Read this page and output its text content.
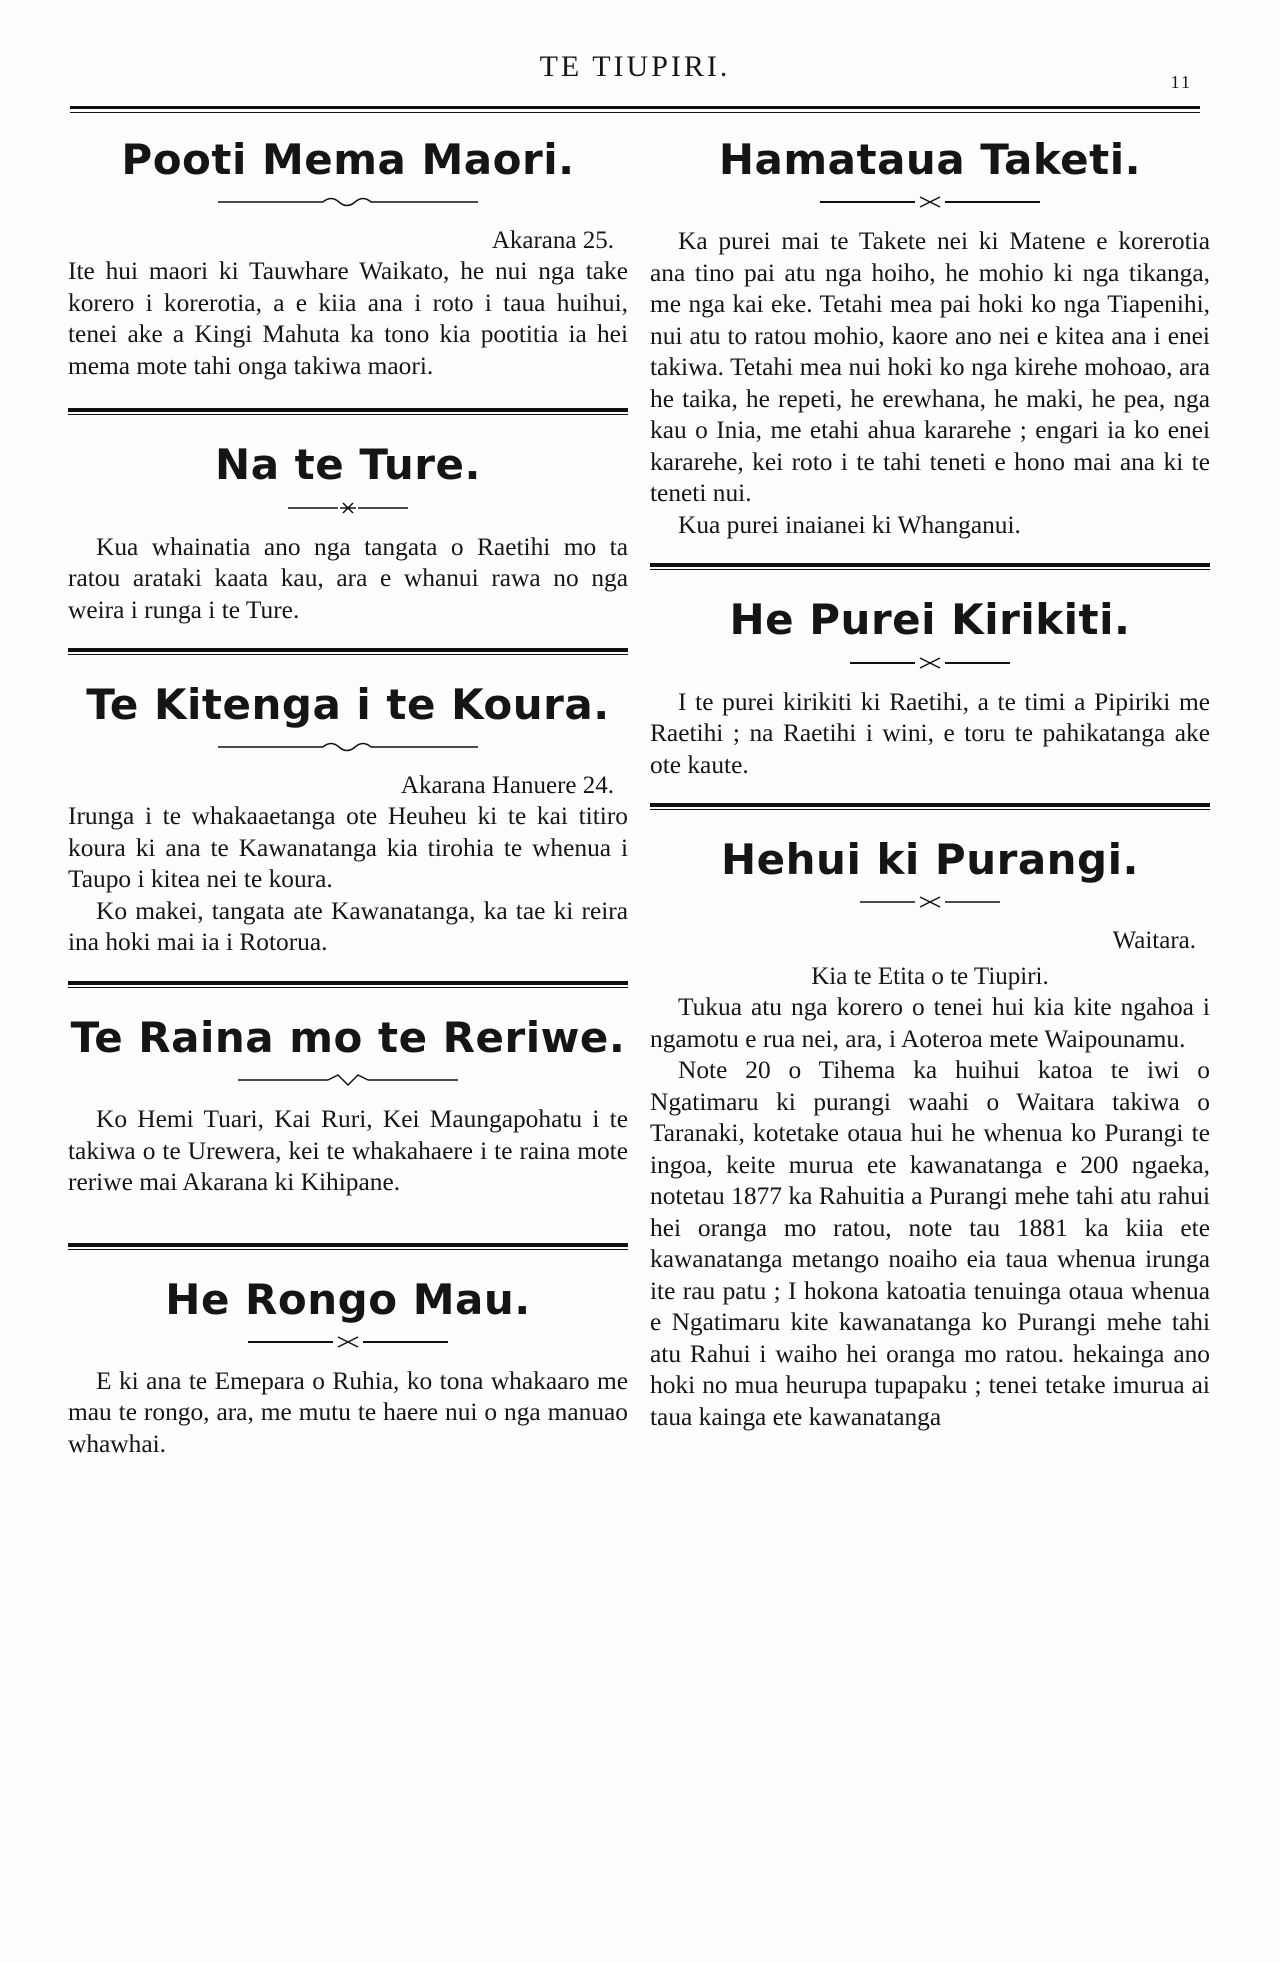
TE TIUPIRI.	11
Pooti Mema Maori.
Akarana 25.

Ite hui maori ki Tauwhare Waikato, he nui nga take korero i korerotia, a e kiia ana i roto i taua huihui, tenei ake a Kingi Mahuta ka tono kia pootitia ia hei mema mote tahi onga takiwa maori.

Na te Ture.

Kua whainatia ano nga tangata o Raetihi mo ta ratou arataki kaata kau, ara e whanui rawa no nga weira i runga i te Ture.

Te Kitenga i te Koura.
Akarana Hanuere 24.

Irunga i te whakaaetanga ote Heuheu ki te kai titiro koura ki ana te Kawanatanga kia tirohia te whenua i Taupo i kitea nei te koura.

Ko makei, tangata ate Kawanatanga, ka tae ki reira ina hoki mai ia i Rotorua.

Te Raina mo te Reriwe.

Ko Hemi Tuari, Kai Ruri, Kei Maungapohatu i te takiwa o te Urewera, kei te whakahaere i te raina mote reriwe mai Akarana ki Kihipane.

He Rongo Mau.

E ki ana te Emepara o Ruhia, ko tona whakaaro me mau te rongo, ara, me mutu te haere nui o nga manuao whawhai.

Hamataua Taketi.

Ka purei mai te Takete nei ki Matene e korerotia ana tino pai atu nga hoiho, he mohio ki nga tikanga, me nga kai eke. Tetahi mea pai hoki ko nga Tiapenihi, nui atu to ratou mohio, kaore ano nei e kitea ana i enei takiwa. Tetahi mea nui hoki ko nga kirehe mohoao, ara he taika, he repeti, he erewhana, he maki, he pea, nga kau o Inia, me etahi ahua kararehe ; engari ia ko enei kararehe, kei roto i te tahi teneti e hono mai ana ki te teneti nui.

Kua purei inaianei ki Whanganui.

He Purei Kirikiti.

I te purei kirikiti ki Raetihi, a te timi a Pipiriki me Raetihi ; na Raetihi i wini, e toru te pahikatanga ake ote kaute.

Hehui ki Purangi.
Waitara.
Kia te Etita o te Tiupiri.

Tukua atu nga korero o tenei hui kia kite ngahoa i ngamotu e rua nei, ara, i Aoteroa mete Waipounamu.

Note 20 o Tihema ka huihui katoa te iwi o Ngatimaru ki purangi waahi o Waitara takiwa o Taranaki, kotetake otaua hui he whenua ko Purangi te ingoa, keite murua ete kawanatanga e 200 ngaeka, notetau 1877 ka Rahuitia a Purangi mehe tahi atu rahui hei oranga mo ratou, note tau 1881 ka kiia ete kawanatanga metango noaiho eia taua whenua irunga ite rau patu ; I hokona katoatia tenuinga otaua whenua e Ngatimaru kite kawanatanga ko Purangi mehe tahi atu Rahui i waiho hei oranga mo ratou. hekainga ano hoki no mua heurupa tupapaku ; tenei tetake imurua ai taua kainga ete kawanatanga
